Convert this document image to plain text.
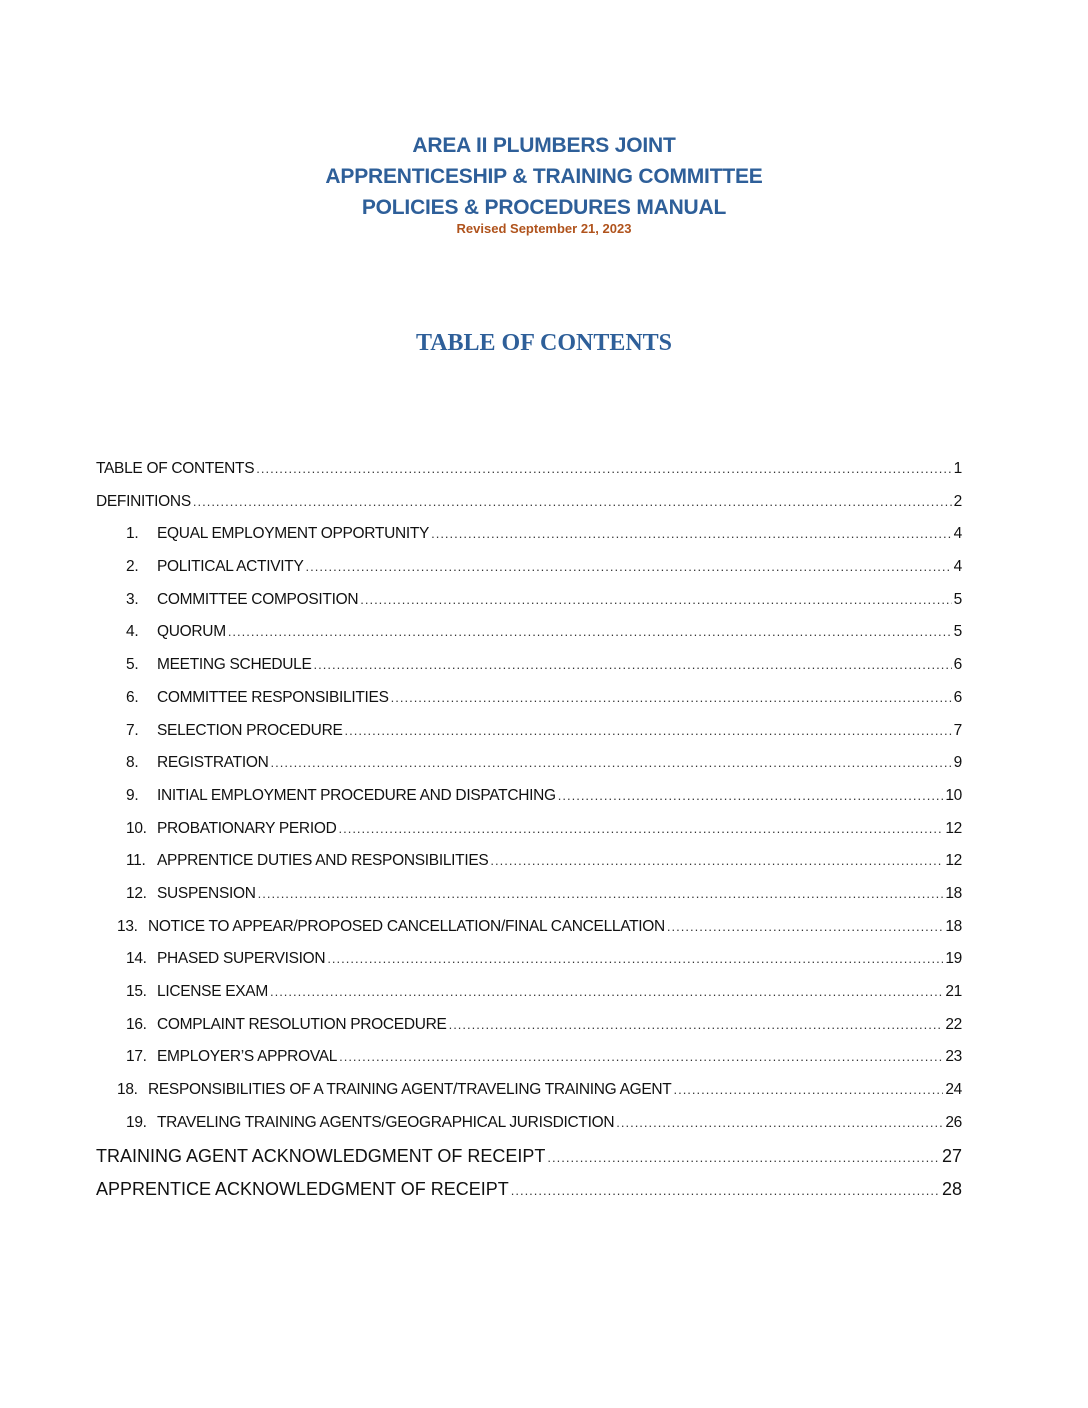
AREA II PLUMBERS JOINT
APPRENTICESHIP & TRAINING COMMITTEE
POLICIES & PROCEDURES MANUAL
Revised September 21, 2023
TABLE OF CONTENTS
TABLE OF CONTENTS .....	1
DEFINITIONS .....	2
1.	EQUAL EMPLOYMENT OPPORTUNITY .....	4
2.	POLITICAL ACTIVITY .....	4
3.	COMMITTEE COMPOSITION .....	5
4.	QUORUM .....	5
5.	MEETING SCHEDULE .....	6
6.	COMMITTEE RESPONSIBILITIES .....	6
7.	SELECTION PROCEDURE .....	7
8.	REGISTRATION .....	9
9.	INITIAL EMPLOYMENT PROCEDURE AND DISPATCHING .....	10
10. PROBATIONARY PERIOD .....	12
11. APPRENTICE DUTIES AND RESPONSIBILITIES .....	12
12. SUSPENSION .....	18
13. NOTICE TO APPEAR/PROPOSED CANCELLATION/FINAL CANCELLATION .....	18
14. PHASED SUPERVISION .....	19
15. LICENSE EXAM .....	21
16. COMPLAINT RESOLUTION PROCEDURE .....	22
17. EMPLOYER’S APPROVAL .....	23
18. RESPONSIBILITIES OF A TRAINING AGENT/TRAVELING TRAINING AGENT .....	24
19. TRAVELING TRAINING AGENTS/GEOGRAPHICAL JURISDICTION .....	26
TRAINING AGENT ACKNOWLEDGMENT OF RECEIPT .....	27
APPRENTICE ACKNOWLEDGMENT OF RECEIPT .....	28
